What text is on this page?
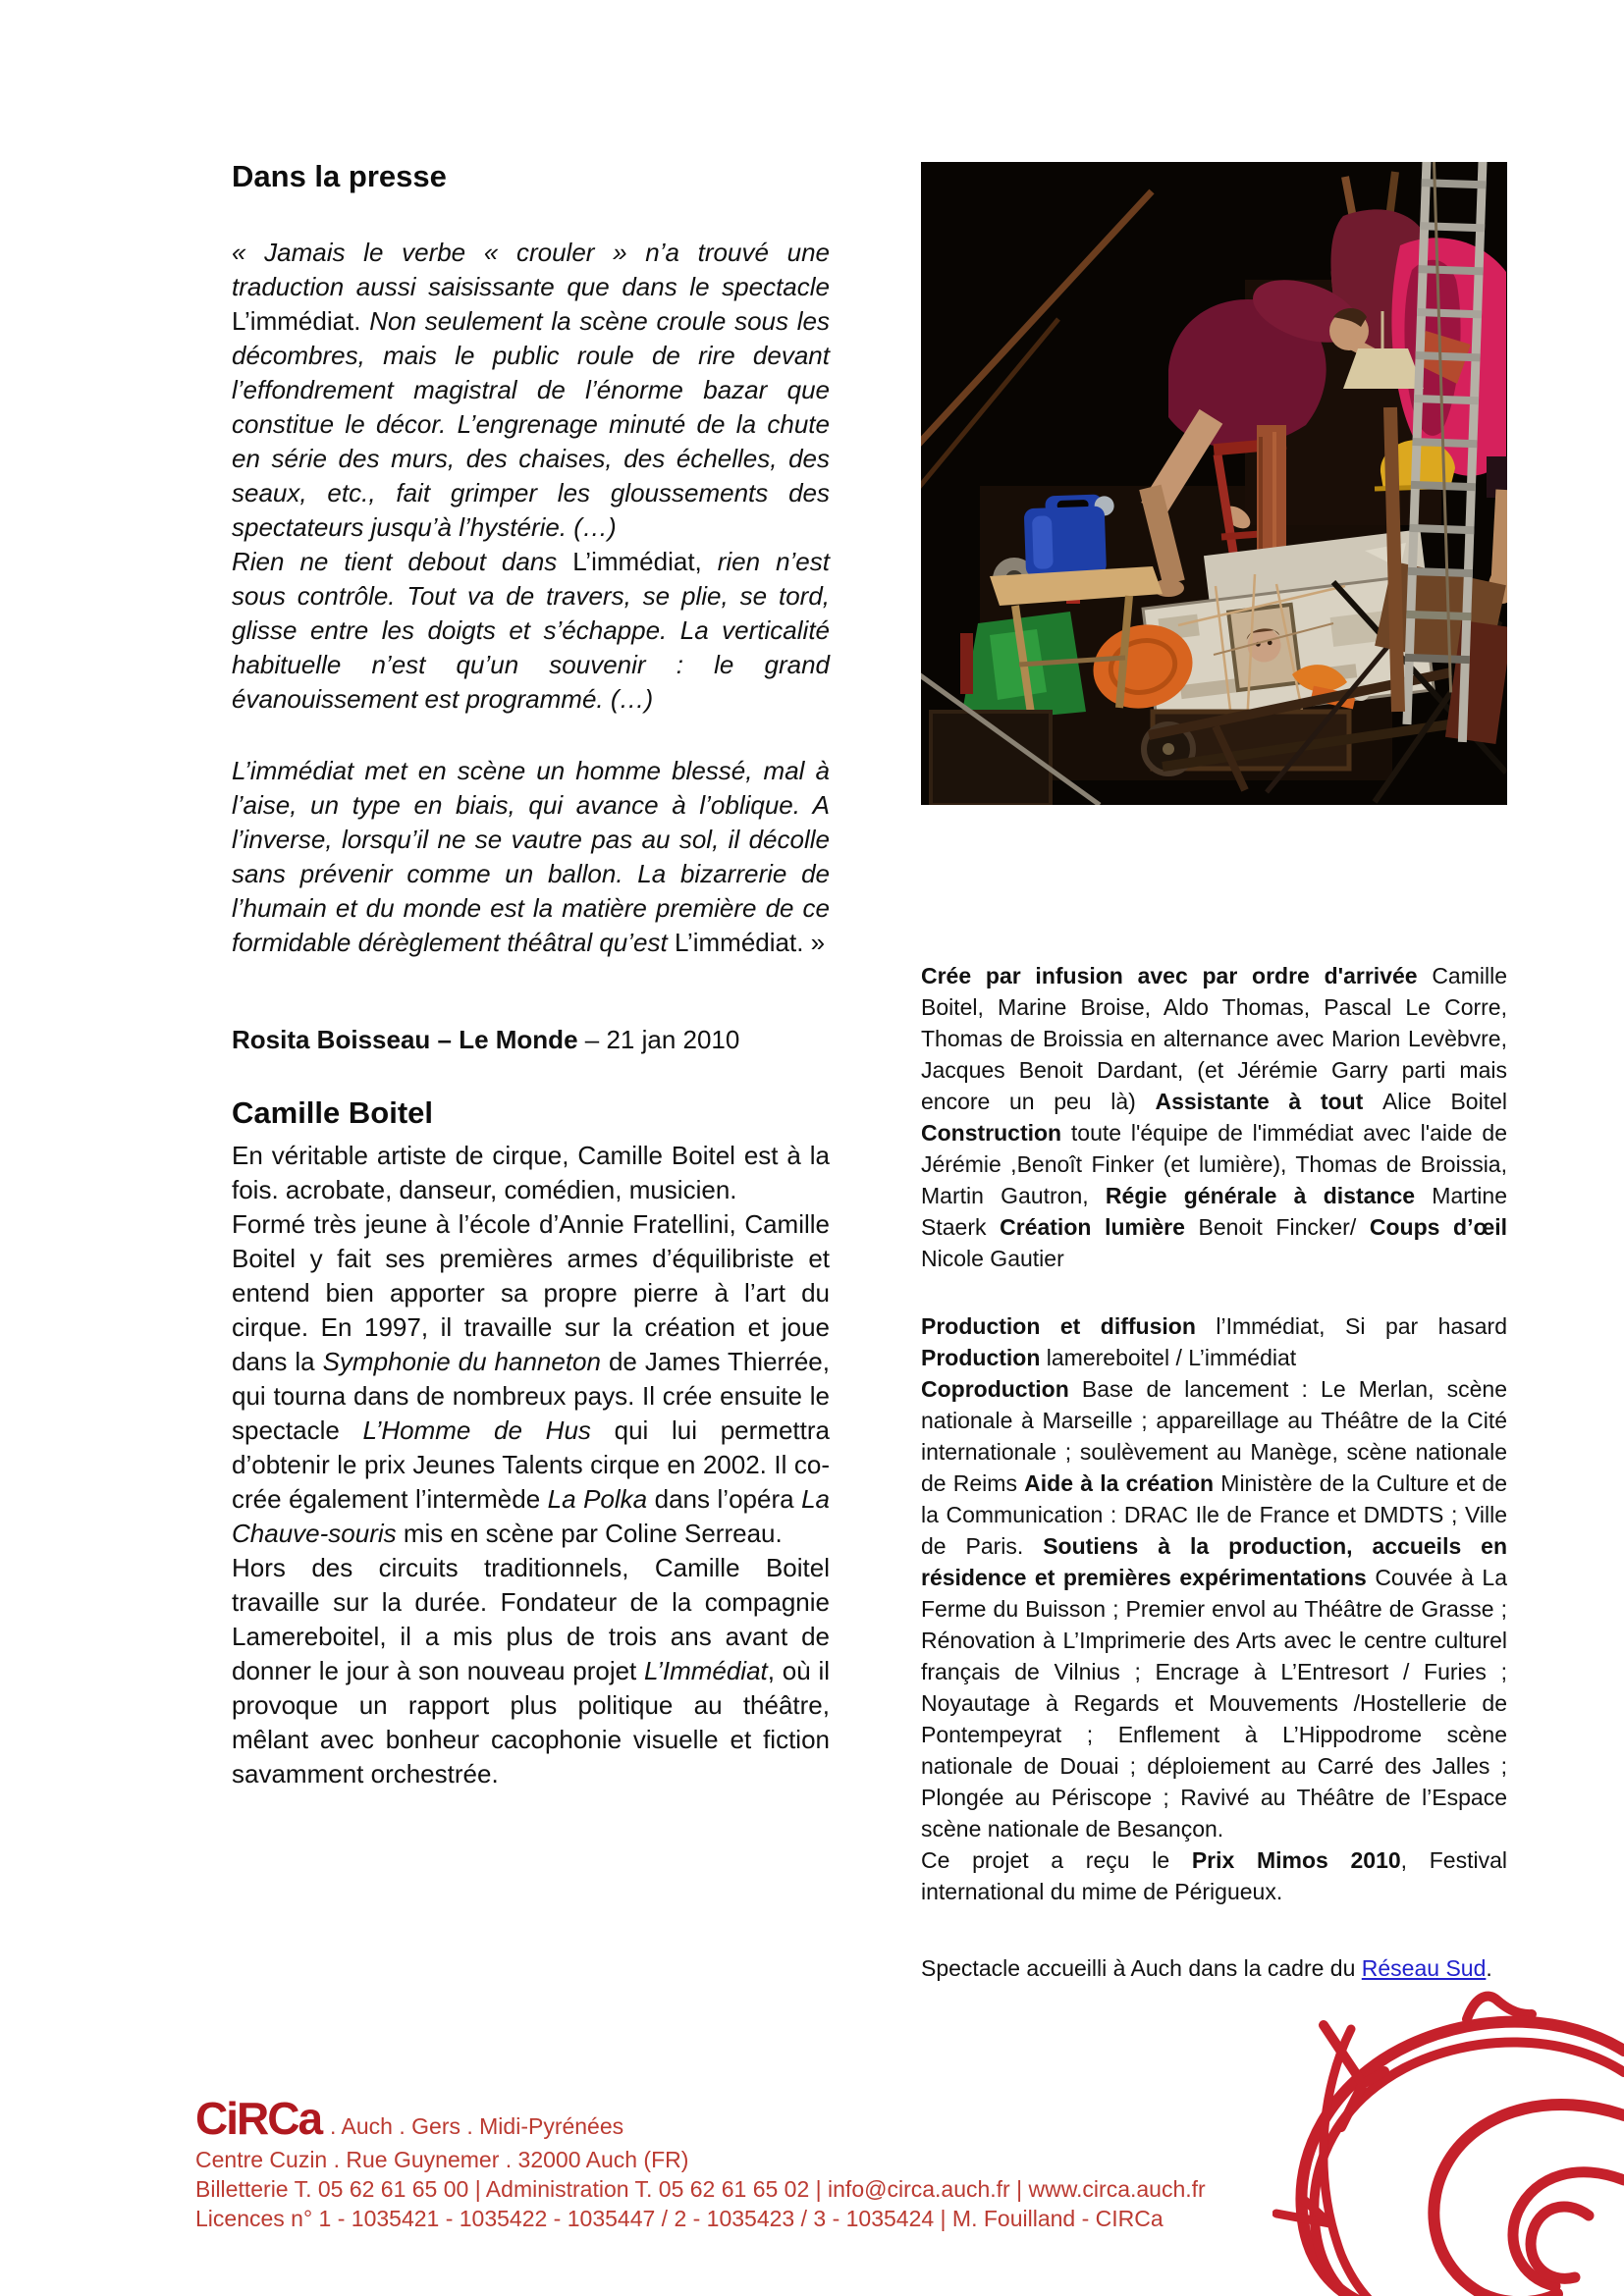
Dans la presse

« Jamais le verbe « crouler » n’a trouvé une traduction aussi saisissante que dans le spectacle L’immédiat. Non seulement la scène croule sous les décombres, mais le public roule de rire devant l’effondrement magistral de l’énorme bazar que constitue le décor. L’engrenage minuté de la chute en série des murs, des chaises, des échelles, des seaux, etc., fait grimper les gloussements des spectateurs jusqu’à l’hystérie. (…)

Rien ne tient debout dans L’immédiat, rien n’est sous contrôle. Tout va de travers, se plie, se tord, glisse entre les doigts et s’échappe. La verticalité habituelle n’est qu’un souvenir : le grand évanouissement est programmé. (…)

L’immédiat met en scène un homme blessé, mal à l’aise, un type en biais, qui avance à l’oblique. A l’inverse, lorsqu’il ne se vautre pas au sol, il décolle sans prévenir comme un ballon. La bizarrerie de l’humain et du monde est la matière première de ce formidable dérèglement théâtral qu’est L’immédiat. »

Rosita Boisseau – Le Monde – 21 jan 2010

Camille Boitel

En véritable artiste de cirque, Camille Boitel est à la fois. acrobate, danseur, comédien, musicien.

Formé très jeune à l’école d’Annie Fratellini, Camille Boitel y fait ses premières armes d’équilibriste et entend bien apporter sa propre pierre à l’art du cirque. En 1997, il travaille sur la création et joue dans la Symphonie du hanneton de James Thierrée, qui tourna dans de nombreux pays. Il crée ensuite le spectacle L’Homme de Hus qui lui permettra d’obtenir le prix Jeunes Talents cirque en 2002. Il co-crée également l’intermède La Polka dans l’opéra La Chauve-souris mis en scène par Coline Serreau.

Hors des circuits traditionnels, Camille Boitel travaille sur la durée. Fondateur de la compagnie Lamereboitel, il a mis plus de trois ans avant de donner le jour à son nouveau projet L’Immédiat, où il provoque un rapport plus politique au théâtre, mêlant avec bonheur cacophonie visuelle et fiction savamment orchestrée.

Crée par infusion avec par ordre d'arrivée Camille Boitel, Marine Broise, Aldo Thomas, Pascal Le Corre, Thomas de Broissia en alternance avec Marion Levèbvre, Jacques Benoit Dardant, (et Jérémie Garry parti mais encore un peu là) Assistante à tout Alice Boitel Construction toute l'équipe de l'immédiat avec l'aide de Jérémie ,Benoît Finker (et lumière), Thomas de Broissia, Martin Gautron, Régie générale à distance Martine Staerk Création lumière Benoit Fincker/ Coups d’œil Nicole Gautier

Production et diffusion l’Immédiat, Si par hasard Production lamereboitel / L’immédiat

Coproduction Base de lancement : Le Merlan, scène nationale à Marseille ; appareillage au Théâtre de la Cité internationale ; soulèvement au Manège, scène nationale de Reims Aide à la création Ministère de la Culture et de la Communication : DRAC Ile de France et DMDTS ; Ville de Paris. Soutiens à la production, accueils en résidence et premières expérimentations Couvée à La Ferme du Buisson ; Premier envol au Théâtre de Grasse ; Rénovation à L’Imprimerie des Arts avec le centre culturel français de Vilnius ; Encrage à L’Entresort / Furies ; Noyautage à Regards et Mouvements /Hostellerie de Pontempeyrat ; Enflement à L’Hippodrome scène nationale de Douai ; déploiement au Carré des Jalles ; Plongée au Périscope ; Ravivé au Théâtre de l’Espace scène nationale de Besançon.

Ce projet a reçu le Prix Mimos 2010, Festival international du mime de Périgueux.

Spectacle accueilli à Auch dans la cadre du Réseau Sud.

CiRCa . Auch . Gers . Midi-Pyrénées
Centre Cuzin . Rue Guynemer . 32000 Auch (FR)
Billetterie T. 05 62 61 65 00 | Administration T. 05 62 61 65 02 | info@circa.auch.fr | www.circa.auch.fr
Licences n° 1 - 1035421 - 1035422 - 1035447 / 2 - 1035423 / 3 - 1035424 | M. Fouilland - CIRCa
